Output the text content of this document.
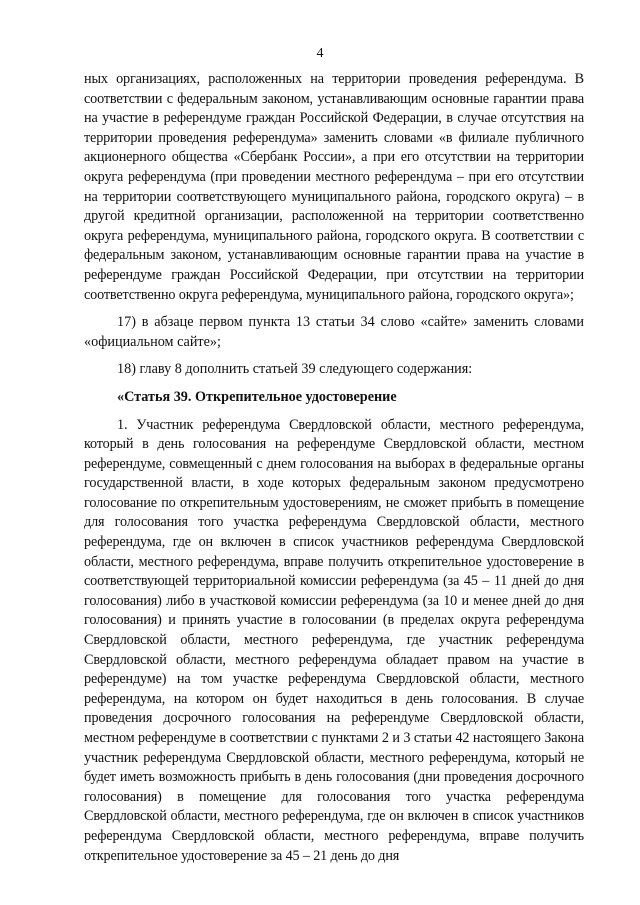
4

ных организациях, расположенных на территории проведения референдума. В соответствии с федеральным законом, устанавливающим основные гарантии права на участие в референдуме граждан Российской Федерации, в случае отсутствия на территории проведения референдума» заменить словами «в филиале публичного акционерного общества «Сбербанк России», а при его отсутствии на территории округа референдума (при проведении местного референдума – при его отсутствии на территории соответствующего муниципального района, городского округа) – в другой кредитной организации, расположенной на территории соответственно округа референдума, муниципального района, городского округа. В соответствии с федеральным законом, устанавливающим основные гарантии права на участие в референдуме граждан Российской Федерации, при отсутствии на территории соответственно округа референдума, муниципального района, городского округа»;

17) в абзаце первом пункта 13 статьи 34 слово «сайте» заменить словами «официальном сайте»;

18) главу 8 дополнить статьей 39 следующего содержания:

«Статья 39. Открепительное удостоверение

1. Участник референдума Свердловской области, местного референдума, который в день голосования на референдуме Свердловской области, местном референдуме, совмещенный с днем голосования на выборах в федеральные органы государственной власти, в ходе которых федеральным законом предусмотрено голосование по открепительным удостоверениям, не сможет прибыть в помещение для голосования того участка референдума Свердловской области, местного референдума, где он включен в список участников референдума Свердловской области, местного референдума, вправе получить открепительное удостоверение в соответствующей территориальной комиссии референдума (за 45 – 11 дней до дня голосования) либо в участковой комиссии референдума (за 10 и менее дней до дня голосования) и принять участие в голосовании (в пределах округа референдума Свердловской области, местного референдума, где участник референдума Свердловской области, местного референдума обладает правом на участие в референдуме) на том участке референдума Свердловской области, местного референдума, на котором он будет находиться в день голосования. В случае проведения досрочного голосования на референдуме Свердловской области, местном референдуме в соответствии с пунктами 2 и 3 статьи 42 настоящего Закона участник референдума Свердловской области, местного референдума, который не будет иметь возможность прибыть в день голосования (дни проведения досрочного голосования) в помещение для голосования того участка референдума Свердловской области, местного референдума, где он включен в список участников референдума Свердловской области, местного референдума, вправе получить открепительное удостоверение за 45 – 21 день до дня
